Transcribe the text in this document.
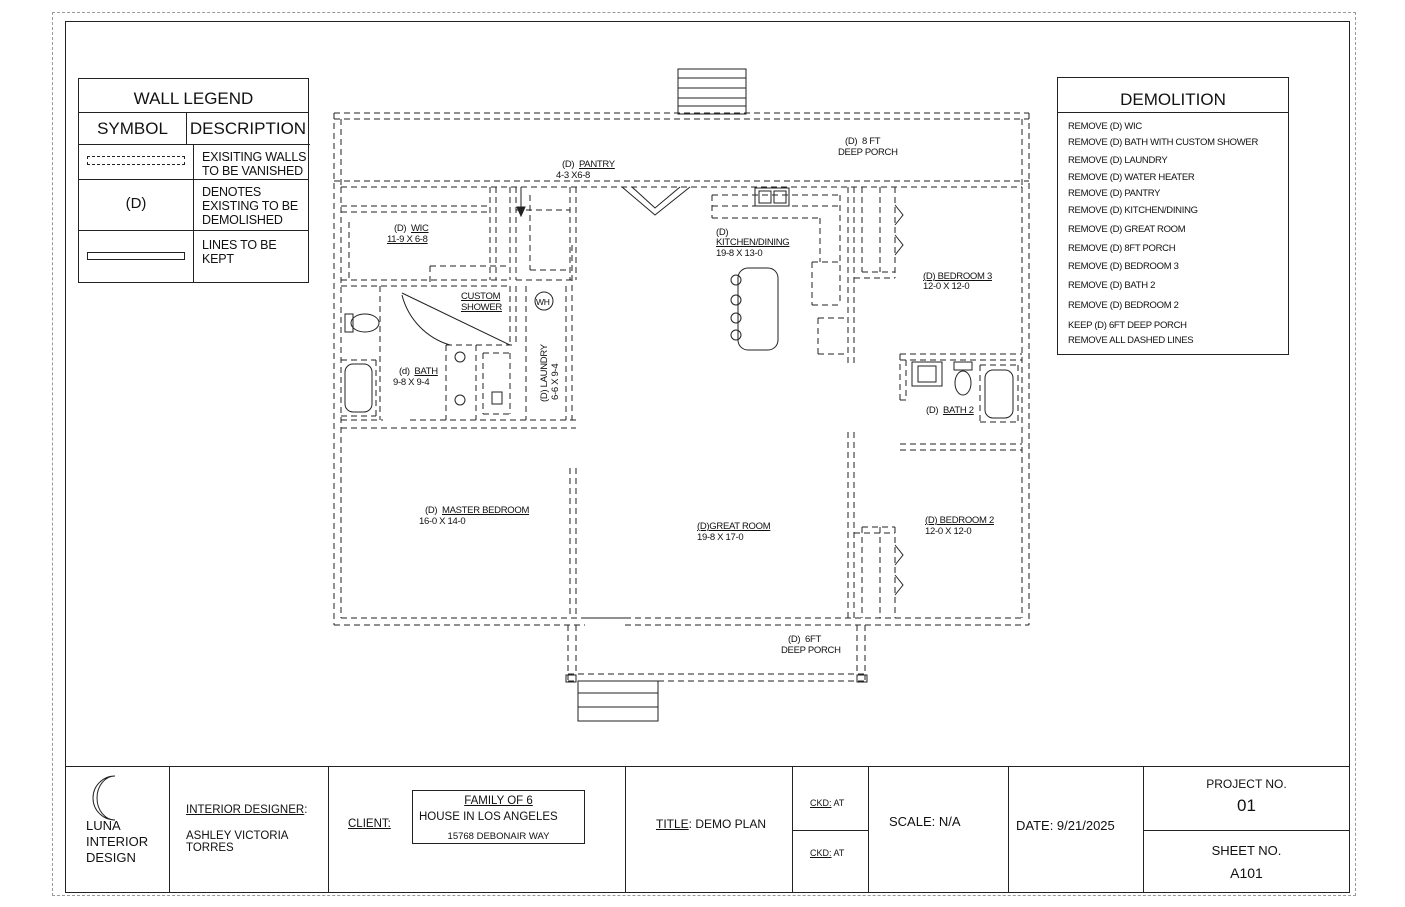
(D)  8 FT
DEEP PORCH
(D)  PANTRY
4-3 X6-8
(D)  WIC
11-9 X 6-8
CUSTOM
SHOWER	WH
(d)  BATH
9-8 X 9-4	(D) LAUNDRY 6-6 X 9-4
(D)
KITCHEN/DINING
19-8 X 13-0
(D) BEDROOM 3
12-0 X 12-0
(D)  BATH 2
(D)  MASTER BEDROOM
16-0 X 14-0	(D)GREAT ROOM
19-8 X 17-0
(D) BEDROOM 2
12-0 X 12-0
(D)  6FT
DEEP PORCH
WALL LEGEND
SYMBOL	DESCRIPTION
EXISITING WALLS
TO BE VANISHED
(D)
DENOTES
EXISTING TO BE
DEMOLISHED
LINES TO BE
KEPT
DEMOLITION
REMOVE (D) WIC
REMOVE (D) BATH WITH CUSTOM SHOWER
REMOVE (D) LAUNDRY
REMOVE (D) WATER HEATER
REMOVE (D) PANTRY
REMOVE (D) KITCHEN/DINING
REMOVE (D) GREAT ROOM
REMOVE (D) 8FT PORCH
REMOVE (D) BEDROOM 3
REMOVE (D) BATH 2
REMOVE (D) BEDROOM 2
KEEP (D) 6FT DEEP PORCH
REMOVE ALL DASHED LINES
LUNA
INTERIOR
DESIGN
INTERIOR DESIGNER:
ASHLEY VICTORIA
TORRES
CLIENT:
FAMILY OF 6
HOUSE IN LOS ANGELES
15768 DEBONAIR WAY
TITLE: DEMO PLAN
CKD: AT
CKD: AT
SCALE: N/A	DATE: 9/21/2025
PROJECT NO.
01
SHEET NO.
A101
